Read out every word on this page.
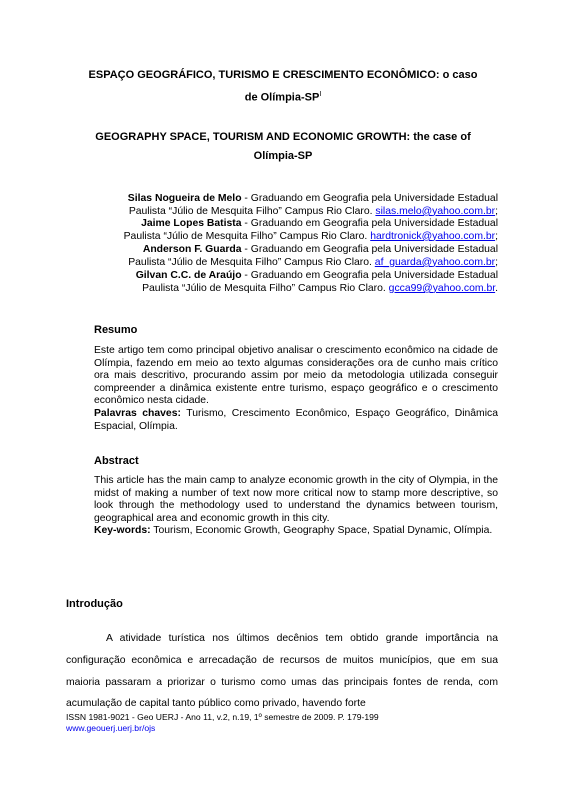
ESPAÇO GEOGRÁFICO, TURISMO E CRESCIMENTO ECONÔMICO: o caso
de Olímpia-$SP^I$
GEOGRAPHY SPACE, TOURISM AND ECONOMIC GROWTH: the case of
Olímpia-SP
Silas Nogueira de Melo - Graduando em Geografia pela Universidade Estadual
Paulista “Júlio de Mesquita Filho” Campus Rio Claro. silas.melo@yahoo.com.br;
Jaime Lopes Batista - Graduando em Geografia pela Universidade Estadual
Paulista “Júlio de Mesquita Filho” Campus Rio Claro. hardtronick@yahoo.com.br;
Anderson F. Guarda - Graduando em Geografia pela Universidade Estadual
Paulista “Júlio de Mesquita Filho” Campus Rio Claro. af_guarda@yahoo.com.br;
Gilvan C.C. de Araújo - Graduando em Geografia pela Universidade Estadual
Paulista “Júlio de Mesquita Filho” Campus Rio Claro. gcca99@yahoo.com.br.
Resumo
Este artigo tem como principal objetivo analisar o crescimento econômico na cidade de Olímpia, fazendo em meio ao texto algumas considerações ora de cunho mais crítico ora mais descritivo, procurando assim por meio da metodologia utilizada conseguir compreender a dinâmica existente entre turismo, espaço geográfico e o crescimento econômico nesta cidade.
Palavras chaves: Turismo, Crescimento Econômico, Espaço Geográfico, Dinâmica Espacial, Olímpia.
Abstract
This article has the main camp to analyze economic growth in the city of Olympia, in the midst of making a number of text now more critical now to stamp more descriptive, so look through the methodology used to understand the dynamics between tourism, geographical area and economic growth in this city.
Key-words: Tourism, Economic Growth, Geography Space, Spatial Dynamic, Olímpia.
Introdução
A atividade turística nos últimos decênios tem obtido grande importância na configuração econômica e arrecadação de recursos de muitos municípios, que em sua maioria passaram a priorizar o turismo como umas das principais fontes de renda, com acumulação de capital tanto público como privado, havendo forte
ISSN 1981-9021 - Geo UERJ - Ano 11, v.2, n.19, 1º semestre de 2009. P. 179-199
www.geouerj.uerj.br/ojs
